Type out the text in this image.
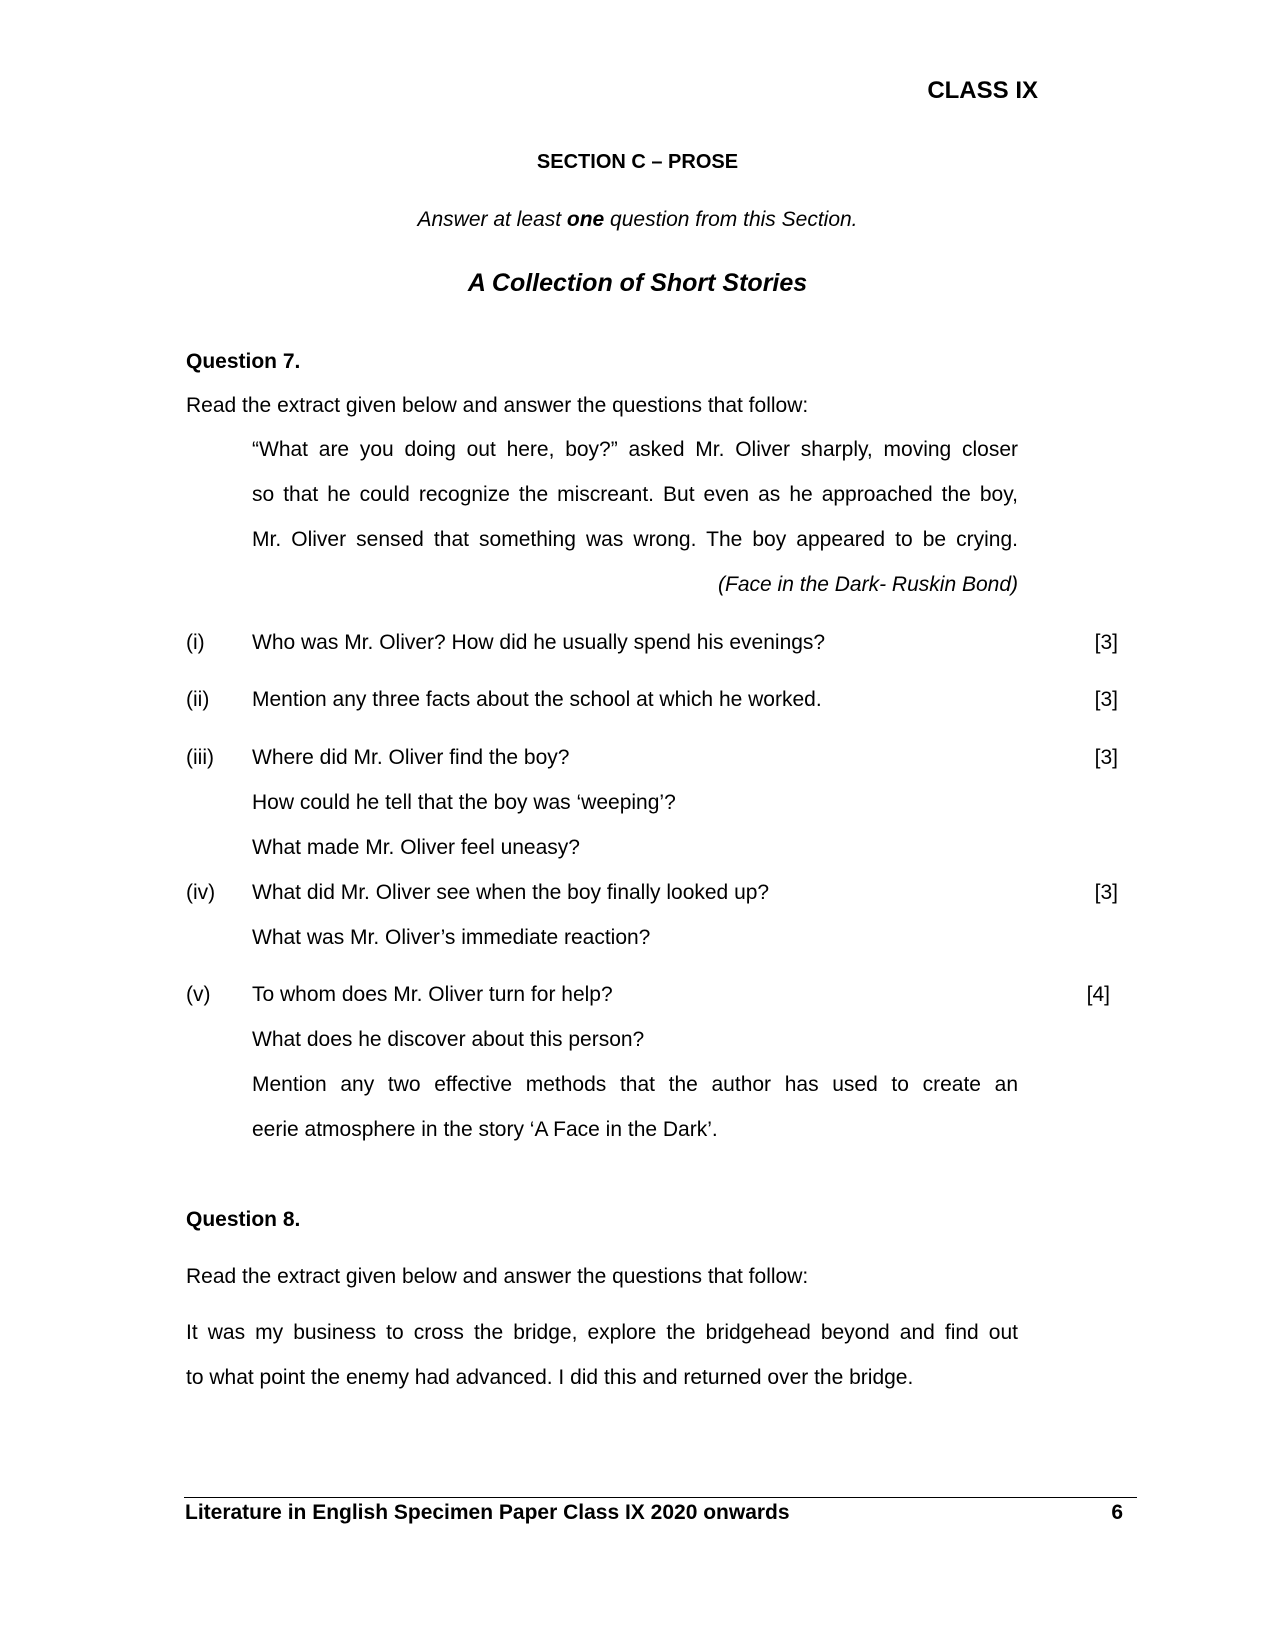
CLASS IX
SECTION C – PROSE
Answer at least one question from this Section.
A Collection of Short Stories
Question 7.
Read the extract given below and answer the questions that follow:
“What are you doing out here, boy?” asked Mr. Oliver sharply, moving closer
so that he could recognize the miscreant. But even as he approached the boy,
Mr. Oliver sensed that something was wrong. The boy appeared to be crying.
(Face in the Dark- Ruskin Bond)
(i) Who was Mr. Oliver? How did he usually spend his evenings?	[3]
(ii) Mention any three facts about the school at which he worked.	[3]
(iii) Where did Mr. Oliver find the boy?	[3]
How could he tell that the boy was ‘weeping’?
What made Mr. Oliver feel uneasy?
(iv) What did Mr. Oliver see when the boy finally looked up?	[3]
What was Mr. Oliver’s immediate reaction?
(v) To whom does Mr. Oliver turn for help?	[4]
What does he discover about this person?
Mention any two effective methods that the author has used to create an
eerie atmosphere in the story ‘A Face in the Dark’.
Question 8.
Read the extract given below and answer the questions that follow:
It was my business to cross the bridge, explore the bridgehead beyond and find out
to what point the enemy had advanced. I did this and returned over the bridge.
Literature in English Specimen Paper Class IX 2020 onwards	6
